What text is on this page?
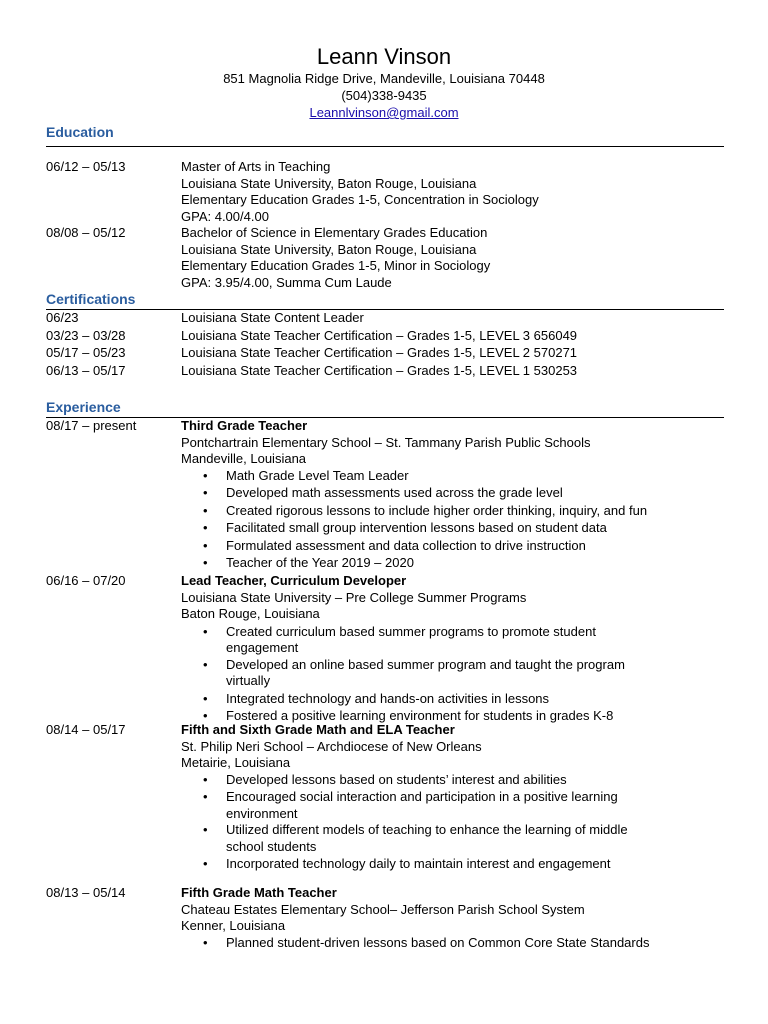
Leann Vinson
851 Magnolia Ridge Drive, Mandeville, Louisiana 70448
(504)338-9435
Leannlvinson@gmail.com
Education
06/12 – 05/13	Master of Arts in Teaching
Louisiana State University, Baton Rouge, Louisiana
Elementary Education Grades 1-5, Concentration in Sociology
GPA: 4.00/4.00
08/08 – 05/12	Bachelor of Science in Elementary Grades Education
Louisiana State University, Baton Rouge, Louisiana
Elementary Education Grades 1-5, Minor in Sociology
GPA: 3.95/4.00, Summa Cum Laude
Certifications
06/23	Louisiana State Content Leader
03/23 – 03/28	Louisiana State Teacher Certification – Grades 1-5, LEVEL 3 656049
05/17 – 05/23	Louisiana State Teacher Certification – Grades 1-5, LEVEL 2 570271
06/13 – 05/17	Louisiana State Teacher Certification – Grades 1-5, LEVEL 1 530253
Experience
08/17 – present	Third Grade Teacher
Pontchartrain Elementary School – St. Tammany Parish Public Schools
Mandeville, Louisiana
• Math Grade Level Team Leader
• Developed math assessments used across the grade level
• Created rigorous lessons to include higher order thinking, inquiry, and fun
• Facilitated small group intervention lessons based on student data
• Formulated assessment and data collection to drive instruction
• Teacher of the Year 2019 – 2020
06/16 – 07/20	Lead Teacher, Curriculum Developer
Louisiana State University – Pre College Summer Programs
Baton Rouge, Louisiana
• Created curriculum based summer programs to promote student
engagement
• Developed an online based summer program and taught the program
virtually
• Integrated technology and hands-on activities in lessons
• Fostered a positive learning environment for students in grades K-8
08/14 – 05/17	Fifth and Sixth Grade Math and ELA Teacher
St. Philip Neri School – Archdiocese of New Orleans
Metairie, Louisiana
• Developed lessons based on students’ interest and abilities
• Encouraged social interaction and participation in a positive learning
environment
• Utilized different models of teaching to enhance the learning of middle
school students
• Incorporated technology daily to maintain interest and engagement
08/13 – 05/14	Fifth Grade Math Teacher
Chateau Estates Elementary School– Jefferson Parish School System
Kenner, Louisiana
• Planned student-driven lessons based on Common Core State Standards
